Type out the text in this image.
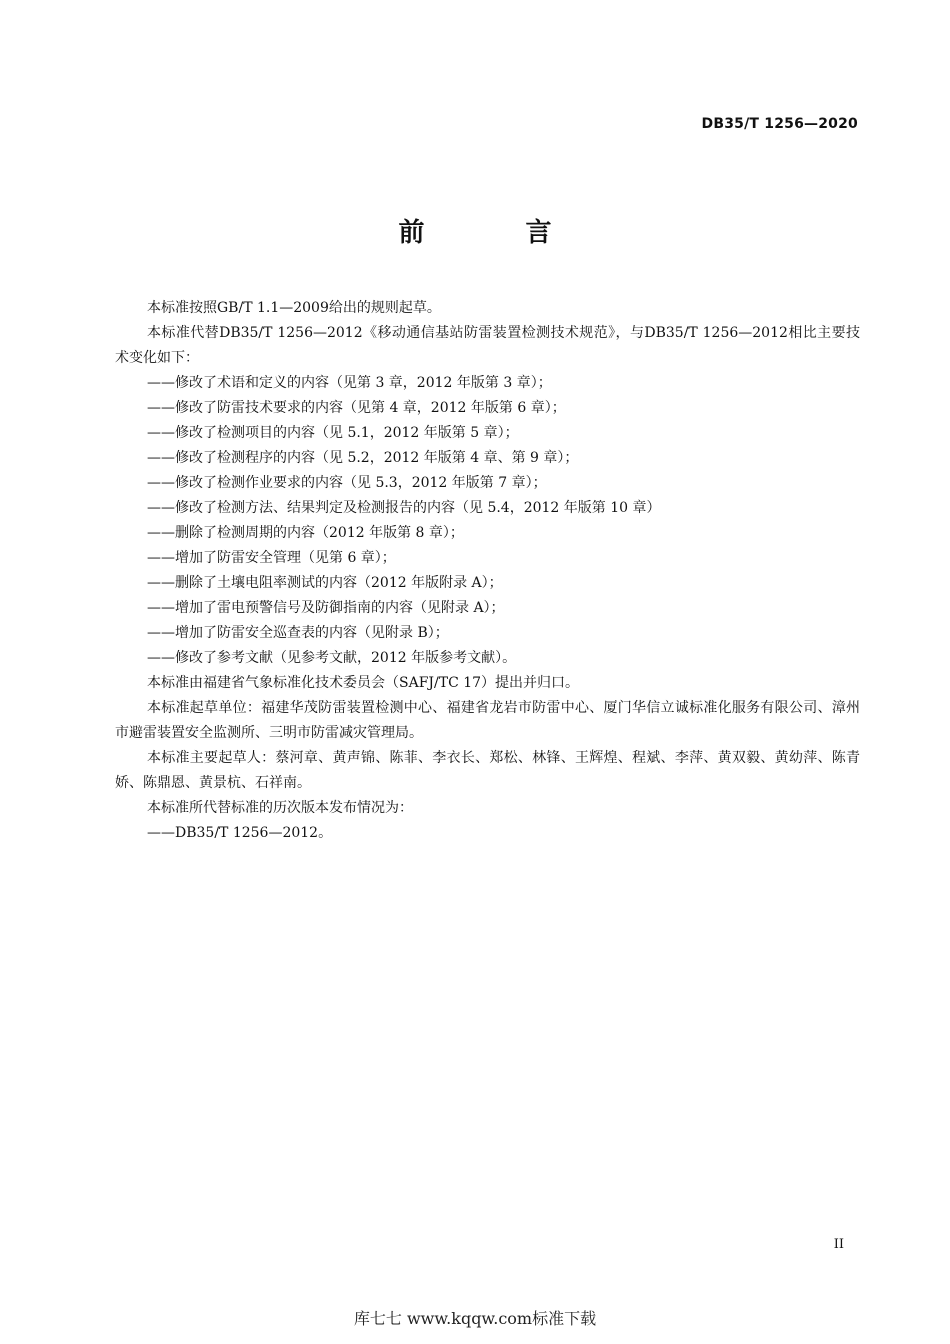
DB35/T 1256—2020
前 言

本标准按照GB/T 1.1—2009给出的规则起草。

本标准代替DB35/T 1256—2012《移动通信基站防雷装置检测技术规范》，与DB35/T 1256—2012相比主要技术变化如下：

——修改了术语和定义的内容（见第 3 章，2012 年版第 3 章）；

——修改了防雷技术要求的内容（见第 4 章，2012 年版第 6 章）；

——修改了检测项目的内容（见 5.1，2012 年版第 5 章）；

——修改了检测程序的内容（见 5.2，2012 年版第 4 章、第 9 章）；

——修改了检测作业要求的内容（见 5.3，2012 年版第 7 章）；

——修改了检测方法、结果判定及检测报告的内容（见 5.4，2012 年版第 10 章）

——删除了检测周期的内容（2012 年版第 8 章）；

——增加了防雷安全管理（见第 6 章）；

——删除了土壤电阻率测试的内容（2012 年版附录 A）；

——增加了雷电预警信号及防御指南的内容（见附录 A）；

——增加了防雷安全巡查表的内容（见附录 B）；

——修改了参考文献（见参考文献，2012 年版参考文献）。

本标准由福建省气象标准化技术委员会（SAFJ/TC 17）提出并归口。

本标准起草单位：福建华茂防雷装置检测中心、福建省龙岩市防雷中心、厦门华信立诚标准化服务有限公司、漳州市避雷装置安全监测所、三明市防雷减灾管理局。

本标准主要起草人：蔡河章、黄声锦、陈菲、李衣长、郑松、林锋、王辉煌、程斌、李萍、黄双毅、黄幼萍、陈青娇、陈鼎恩、黄景杭、石祥南。

本标准所代替标准的历次版本发布情况为：

——DB35/T 1256—2012。

II
库七七 www.kqqw.com标准下载
